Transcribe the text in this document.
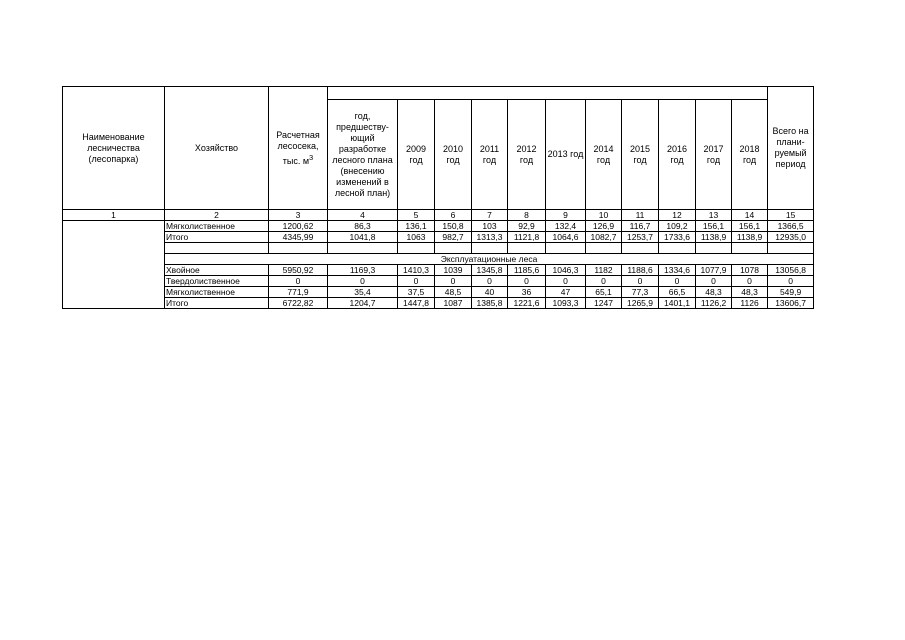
Наименование лесничества (лесопарка)	Хозяйство	Расчетная лесосека, тыс. $м^3$												Всего на плани-руемый период
			год, предшеству-ющий разработке лесного плана (внесению изменений в лесной план)	2009 год	2010 год	2011 год	2012 год	2013 год	2014 год	2015 год	2016 год	2017 год	2018 год	
1	2	3	4	5	6	7	8	9	10	11	12	13	14	15
	Мягколиственное	1200,62	86,3	136,1	150,8	103	92,9	132,4	126,9	116,7	109,2	156,1	156,1	1366,5
	Итого	4345,99	1041,8	1063	982,7	1313,3	1121,8	1064,6	1082,7	1253,7	1733,6	1138,9	1138,9	12935,0

	Эксплуатационные леса													
	Хвойное	5950,92	1169,3	1410,3	1039	1345,8	1185,6	1046,3	1182	1188,6	1334,6	1077,9	1078	13056,8
	Твердолиственное	0	0	0	0	0	0	0	0	0	0	0	0	0
	Мягколиственное	771,9	35,4	37,5	48,5	40	36	47	65,1	77,3	66,5	48,3	48,3	549,9
	Итого	6722,82	1204,7	1447,8	1087	1385,8	1221,6	1093,3	1247	1265,9	1401,1	1126,2	1126	13606,7
